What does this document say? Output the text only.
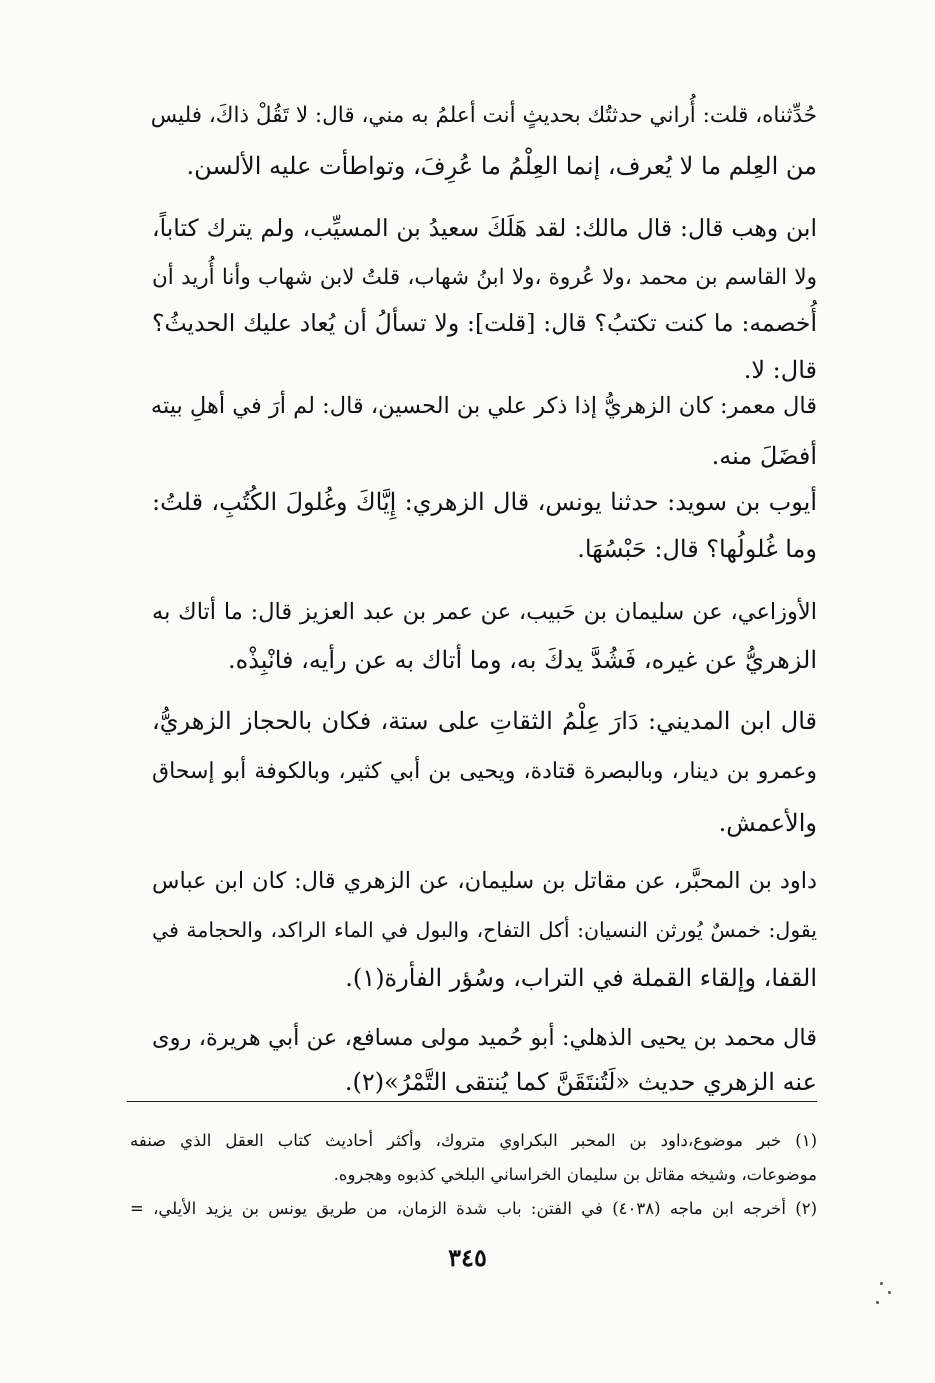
حُدِّثناه، قلت: أُراني حدثتُك بحديثٍ أنت أعلمُ به مني، قال: لا تَقُلْ ذاكَ، فليس
من العِلم ما لا يُعرف، إنما العِلْمُ ما عُرِفَ، وتواطأت عليه الألسن.
ابن وهب قال: قال مالك: لقد هَلَكَ سعيدُ بن المسيِّب، ولم يترك كتاباً،
ولا القاسم بن محمد ،ولا عُروة ،ولا ابنُ شهاب، قلتُ لابن شهاب وأنا أُريد أن
أُخصمه: ما كنت تكتبُ؟ قال: [قلت]: ولا تسألُ أن يُعاد عليك الحديثُ؟
قال: لا.
قال معمر: كان الزهريُّ إذا ذكر علي بن الحسين، قال: لم أرَ في أهلِ بيته
أفضَلَ منه.
أيوب بن سويد: حدثنا يونس، قال الزهري: إِيَّاكَ وغُلولَ الكُتُبِ، قلتُ:
وما غُلولُها؟ قال: حَبْسُهَا.
الأوزاعي، عن سليمان بن حَبيب، عن عمر بن عبد العزيز قال: ما أتاك به
الزهريُّ عن غيره، فَشُدَّ يدكَ به، وما أتاك به عن رأيه، فانْبِذْه.
قال ابن المديني: دَارَ عِلْمُ الثقاتِ على ستة، فكان بالحجاز الزهريُّ،
وعمرو بن دينار، وبالبصرة قتادة، ويحيى بن أبي كثير، وبالكوفة أبو إسحاق
والأعمش.
داود بن المحبَّر، عن مقاتل بن سليمان، عن الزهري قال: كان ابن عباس
يقول: خمسٌ يُورثن النسيان: أكل التفاح، والبول في الماء الراكد، والحجامة في
القفا، وإلقاء القملة في التراب، وسُؤر الفأرة(١).
قال محمد بن يحيى الذهلي: أبو حُميد مولى مسافع، عن أبي هريرة، روى
عنه الزهري حديث «لَتُنتَقَنَّ كما يُنتقى التَّمْرُ»(٢).
(١) خبر موضوع،داود بن المحبر البكراوي متروك، وأكثر أحاديث كتاب العقل الذي صنفه
موضوعات، وشيخه مقاتل بن سليمان الخراساني البلخي كذبوه وهجروه.
(٢) أخرجه ابن ماجه (٤٠٣٨) في الفتن: باب شدة الزمان، من طريق يونس بن يزيد الأيلي، =
٣٤٥
